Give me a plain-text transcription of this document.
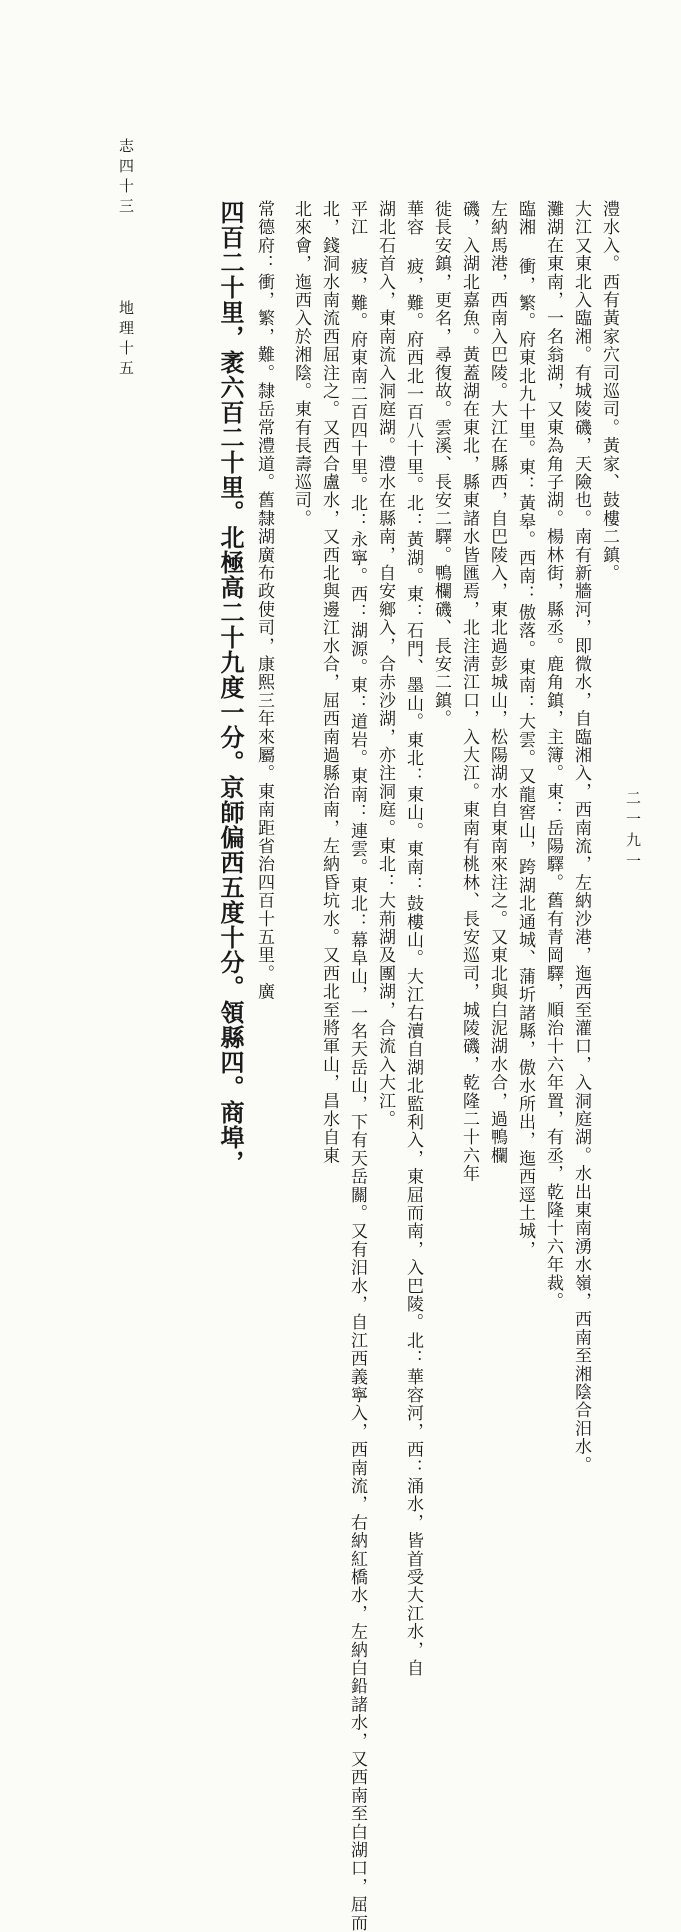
二一九一
澧水入。西有黃家穴司巡司。黃家、鼓樓二鎮。
大江又東北入臨湘。有城陵磯，天險也。南有新牆河，即微水，自臨湘入，西南流，左納沙港，迤西至灌口，入洞庭湖。水出東南湧水嶺，西南至湘陰合汨水。
灘湖在東南，一名翁湖，又東為角子湖。楊林街，縣丞。鹿角鎮，主簿。東：岳陽驛。舊有青岡驛，順治十六年置，有丞，乾隆十六年裁。
臨湘 衝，繁。府東北九十里。東：黃皋。西南：傲落。東南：大雲。又龍窖山，跨湖北通城、蒲圻諸縣，傲水所出，迤西逕土城，
左納馬港，西南入巴陵。大江在縣西，自巴陵入，東北過彭城山，松陽湖水自東南來注之。又東北與白泥湖水合，過鴨欄
磯，入湖北嘉魚。黃蓋湖在東北，縣東諸水皆匯焉，北注淸江口，入大江。東南有桃林、長安巡司，城陵磯，乾隆二十六年
徙長安鎮，更名，尋復故。雲溪、長安二驛。鴨欄磯、長安二鎮。
華容 疲，難。府西北一百八十里。北：黃湖。東：石門、墨山。東北：東山。東南：鼓樓山。大江右瀆自湖北監利入，東屈而南，入巴陵。北：華容河，西：涌水，皆首受大江水，自
湖北石首入，東南流入洞庭湖。澧水在縣南，自安鄉入，合赤沙湖，亦注洞庭。東北：大荊湖及團湖，合流入大江。
平江 疲，難。府東南二百四十里。北：永寧。西：湖源。東：道岩。東南：連雲。東北：幕阜山，一名天岳山，下有天岳關。又有汨水，自江西義寧入，西南流，右納紅橋水，左納白鉛諸水，又西南至白湖口，屈而
北，錢洞水南流西屈注之。又西合盧水，又西北與邊江水合，屈西南過縣治南，左納昏坑水。又西北至將軍山，昌水自東
北來會，迤西入於湘陰。東有長壽巡司。
常德府：衝，繁，難。隸岳常澧道。舊隸湖廣布政使司，康熙三年來屬。東南距省治四百十五里。廣
四百二十里，袤六百二十里。北極高二十九度一分。京師偏西五度十分。領縣四。商埠，
志四十三
地理十五
